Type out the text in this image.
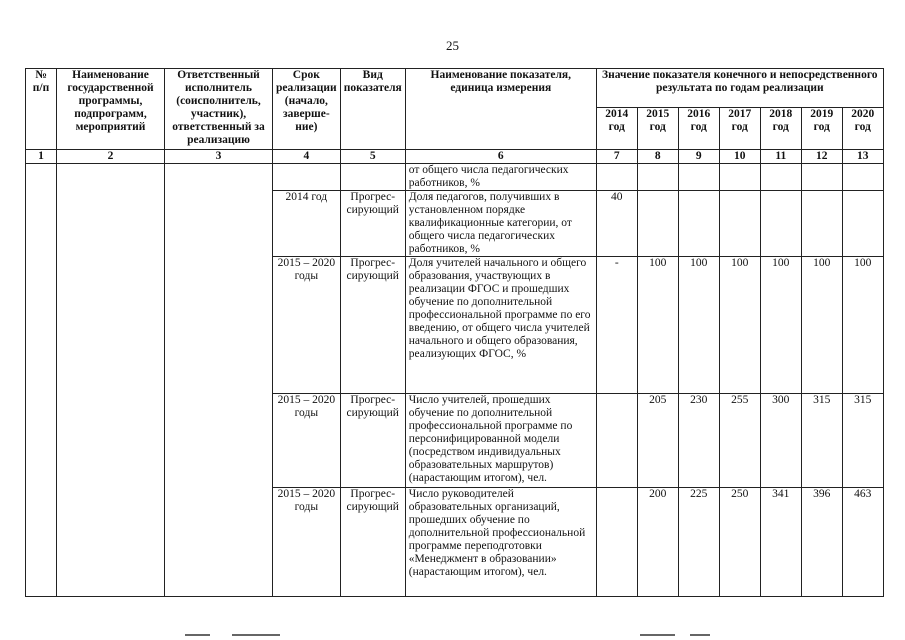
25
№ п/п	Наименование государственной программы, подпрограмм, мероприятий	Ответственный исполнитель (соисполнитель, участник), ответственный за реализацию	Срок реализации (начало, заверше-ние)	Вид показателя	Наименование показателя, единица измерения	Значение показателя конечного и непосредственного результата по годам реализации						
						2014 год	2015 год	2016 год	2017 год	2018 год	2019 год	2020 год
1	2	3	4	5	6	7	8	9	10	11	12	13
					от общего числа педагогических работников, %							
			2014 год	Прогрес-сирующий	Доля педагогов, получивших в установленном порядке квалификационные категории, от общего числа педагогических работников, %	40						
			2015 – 2020 годы	Прогрес-сирующий	Доля учителей начального и общего образования, участвующих в реализации ФГОС и прошедших обучение по дополнительной профессиональной программе по его введению, от общего числа учителей начального и общего образования, реализующих ФГОС, %	-	100	100	100	100	100	100
			2015 – 2020 годы	Прогрес-сирующий	Число учителей, прошедших обучение по дополнительной профессиональной программе по персонифицированной модели (посредством индивидуальных образовательных маршрутов) (нарастающим итогом), чел.		205	230	255	300	315	315
			2015 – 2020 годы	Прогрес-сирующий	Число руководителей образовательных организаций, прошедших обучение по дополнительной профессиональной программе переподготовки «Менеджмент в образовании» (нарастающим итогом), чел.		200	225	250	341	396	463
